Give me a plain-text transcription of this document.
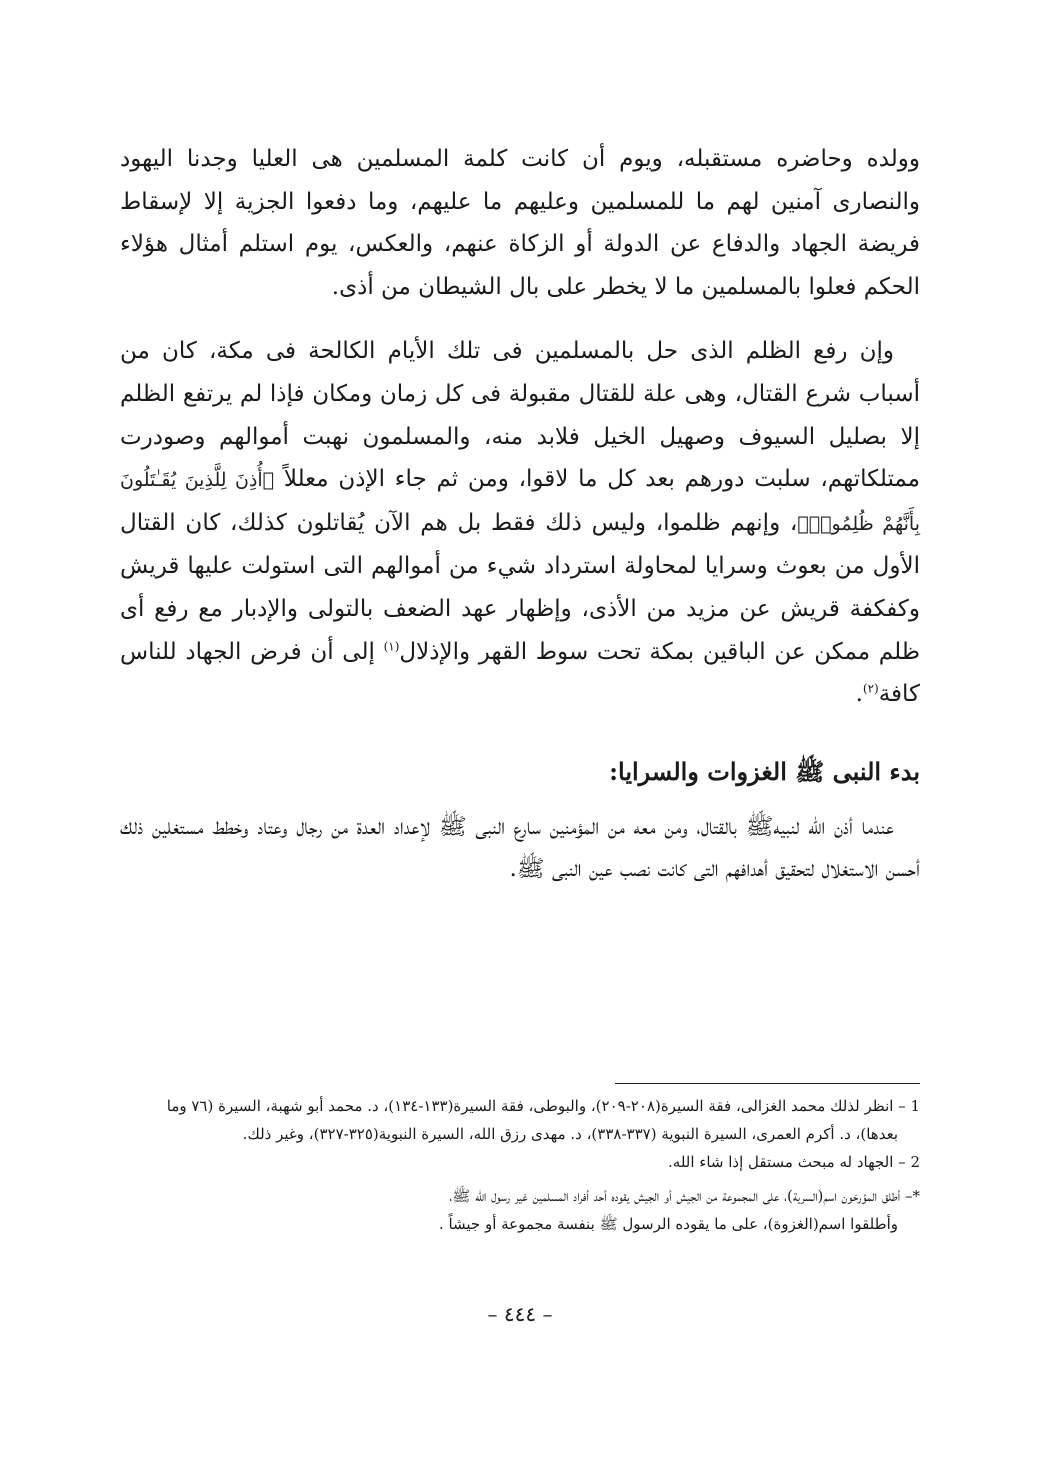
وولده وحاضره مستقبله، ويوم أن كانت كلمة المسلمين هى العليا وجدنا اليهود والنصارى آمنين لهم ما للمسلمين وعليهم ما عليهم، وما دفعوا الجزية إلا لإسقاط فريضة الجهاد والدفاع عن الدولة أو الزكاة عنهم، والعكس، يوم استلم أمثال هؤلاء الحكم فعلوا بالمسلمين ما لا يخطر على بال الشيطان من أذى.

وإن رفع الظلم الذى حل بالمسلمين فى تلك الأيام الكالحة فى مكة، كان من أسباب شرع القتال، وهى علة للقتال مقبولة فى كل زمان ومكان فإذا لم يرتفع الظلم إلا بصليل السيوف وصهيل الخيل فلابد منه، والمسلمون نهبت أموالهم وصودرت ممتلكاتهم، سلبت دورهم بعد كل ما لاقوا، ومن ثم جاء الإذن معللاً ﴿أُذِنَ لِلَّذِينَ يُقَـٰتَلُونَ بِأَنَّهُمْ ظُلِمُوا۟﴾، وإنهم ظلموا، وليس ذلك فقط بل هم الآن يُقاتلون كذلك، كان القتال الأول من بعوث وسرايا لمحاولة استرداد شيء من أموالهم التى استولت عليها قريش وكفكفة قريش عن مزيد من الأذى، وإظهار عهد الضعف بالتولى والإدبار مع رفع أى ظلم ممكن عن الباقين بمكة تحت سوط القهر والإذلال$^{(١)}$ إلى أن فرض الجهاد للناس كافة$^{(٢)}$.

بدء النبى ﷺ الغزوات والسرايا:

عندما أذن الله لنبيهﷺ بالقتال، ومن معه من المؤمنين سارع النبى ﷺ لإعداد العدة من رجال وعتاد وخطط مستغلين ذلك أحسن الاستغلال لتحقيق أهدافهم التى كانت نصب عين النبى ﷺ.

1 – انظر لذلك محمد الغزالى، فقة السيرة(٢٠٨-٢٠٩)، والبوطى، فقة السيرة(١٣٣-١٣٤)، د. محمد أبو شهبة، السيرة (٧٦ وما
بعدها)، د. أكرم العمرى، السيرة النبوية (٣٣٧-٣٣٨)، د. مهدى رزق الله، السيرة النبوية(٣٢٥-٣٢٧)، وغير ذلك.

2 – الجهاد له مبحث مستقل إذا شاء الله.

*– أطلق المؤرخون اسم(السرية)، على المجموعة من الجيش أو الجيش يقوده أحد أفراد المسلمين غير رسول الله ﷺ،
وأطلقوا اسم(الغزوة)، على ما يقوده الرسول ﷺ بنفسة مجموعة أو جيشاً .

– ٤٤٤ –
